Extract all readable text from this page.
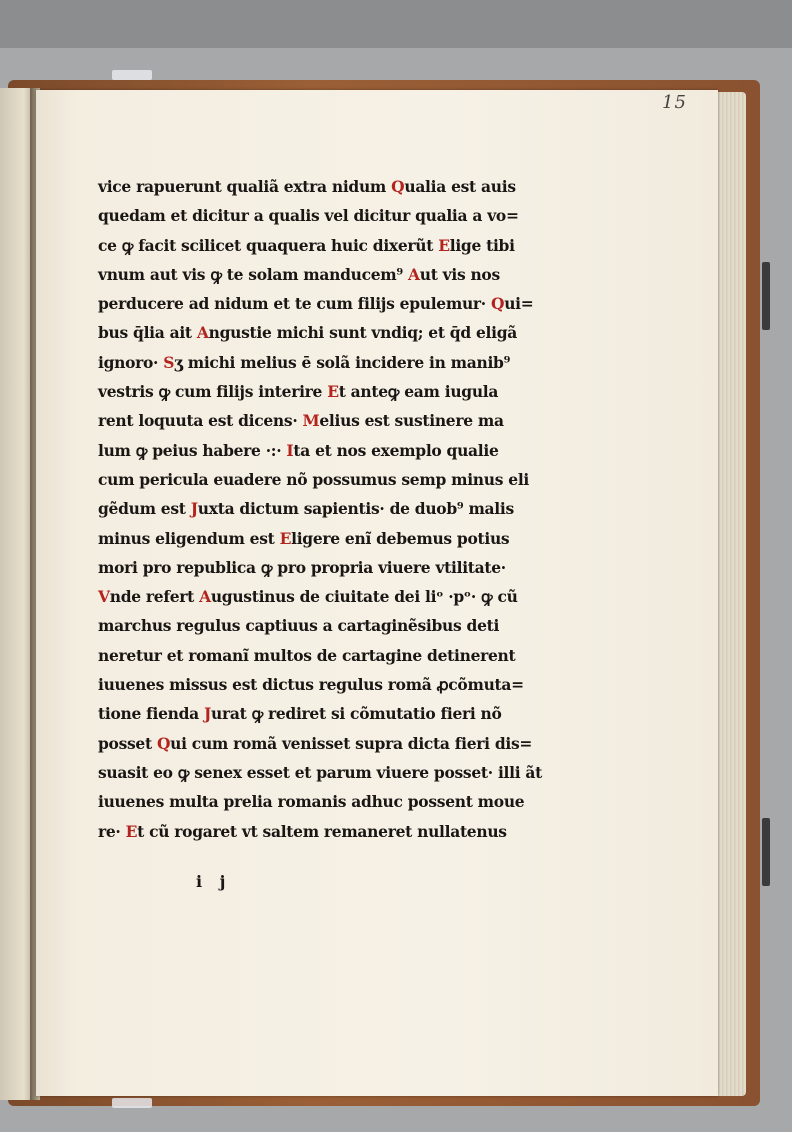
15
vice rapuerunt qualiã extra nidum Qualia est auis
quedam et dicitur a qualis vel dicitur qualia a vo=
ce ꝙ facit scilicet quaquera huic dixerũt Elige tibi
vnum aut vis ꝙ te solam manducem⁹ Aut vis nos
perducere ad nidum et te cum filijs epulemur· Qui=
bus q̄lia ait Angustie michi sunt vndiq; et q̄d eligã
ignoro· Sʒ michi melius ē solã incidere in manib⁹
vestris ꝙ cum filijs interire Et anteꝙ eam iugula
rent loquuta est dicens· Melius est sustinere ma
lum ꝙ peius habere ·:· Ita et nos exemplo qualie
cum pericula euadere nõ possumus semp minus eli
gẽdum est Juxta dictum sapientis· de duob⁹ malis
minus eligendum est Eligere enĩ debemus potius
mori pro republica ꝙ pro propria viuere vtilitate·
Vnde refert Augustinus de ciuitate dei liᵒ ·pᵒ· ꝙ cũ
marchus regulus captiuus a cartaginẽsibus deti
neretur et romanĩ multos de cartagine detinerent
iuuenes missus est dictus regulus romã ꝓcõmuta=
tione fienda Jurat ꝙ rediret si cõmutatio fieri nõ
posset Qui cum romã venisset supra dicta fieri dis=
suasit eo ꝙ senex esset et parum viuere posset· illi ãt
iuuenes multa prelia romanis adhuc possent moue
re· Et cũ rogaret vt saltem remaneret nullatenus
i j
